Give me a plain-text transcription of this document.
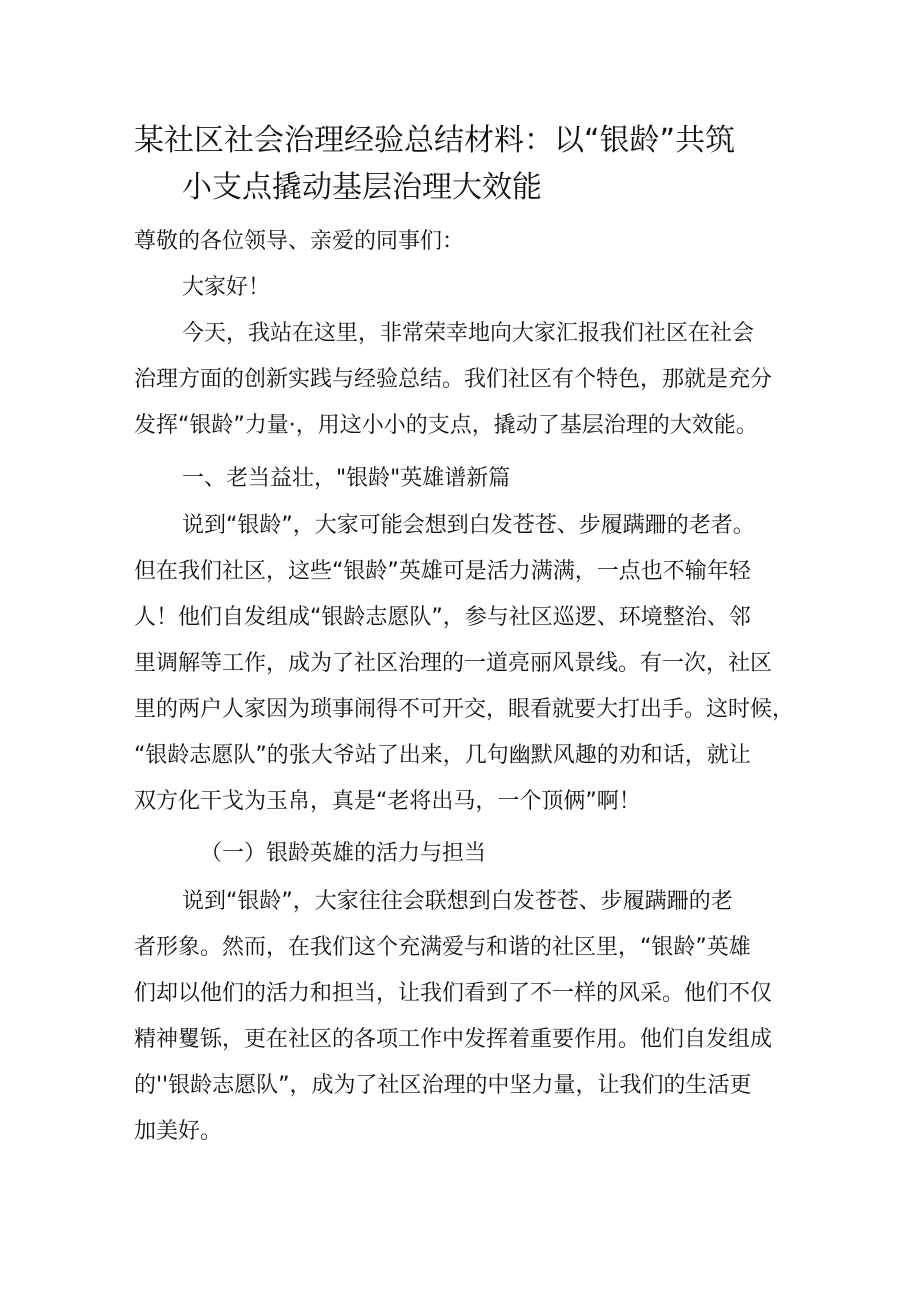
某社区社会治理经验总结材料：以“银龄”共筑
小支点撬动基层治理大效能
尊敬的各位领导、亲爱的同事们：
大家好！
今天，我站在这里，非常荣幸地向大家汇报我们社区在社会
治理方面的创新实践与经验总结。我们社区有个特色，那就是充分
发挥“银龄”力量·，用这小小的支点，撬动了基层治理的大效能。
一、老当益壮，"银龄"英雄谱新篇
说到“银龄”，大家可能会想到白发苍苍、步履蹒跚的老者。
但在我们社区，这些“银龄”英雄可是活力满满，一点也不输年轻
人！他们自发组成“银龄志愿队”，参与社区巡逻、环境整治、邻
里调解等工作，成为了社区治理的一道亮丽风景线。有一次，社区
里的两户人家因为琐事闹得不可开交，眼看就要大打出手。这时候，
“银龄志愿队”的张大爷站了出来，几句幽默风趣的劝和话，就让
双方化干戈为玉帛，真是“老将出马，一个顶俩”啊！
（一）银龄英雄的活力与担当
说到“银龄”，大家往往会联想到白发苍苍、步履蹒跚的老
者形象。然而，在我们这个充满爱与和谐的社区里，“银龄”英雄
们却以他们的活力和担当，让我们看到了不一样的风采。他们不仅
精神矍铄，更在社区的各项工作中发挥着重要作用。他们自发组成
的''银龄志愿队”，成为了社区治理的中坚力量，让我们的生活更
加美好。
